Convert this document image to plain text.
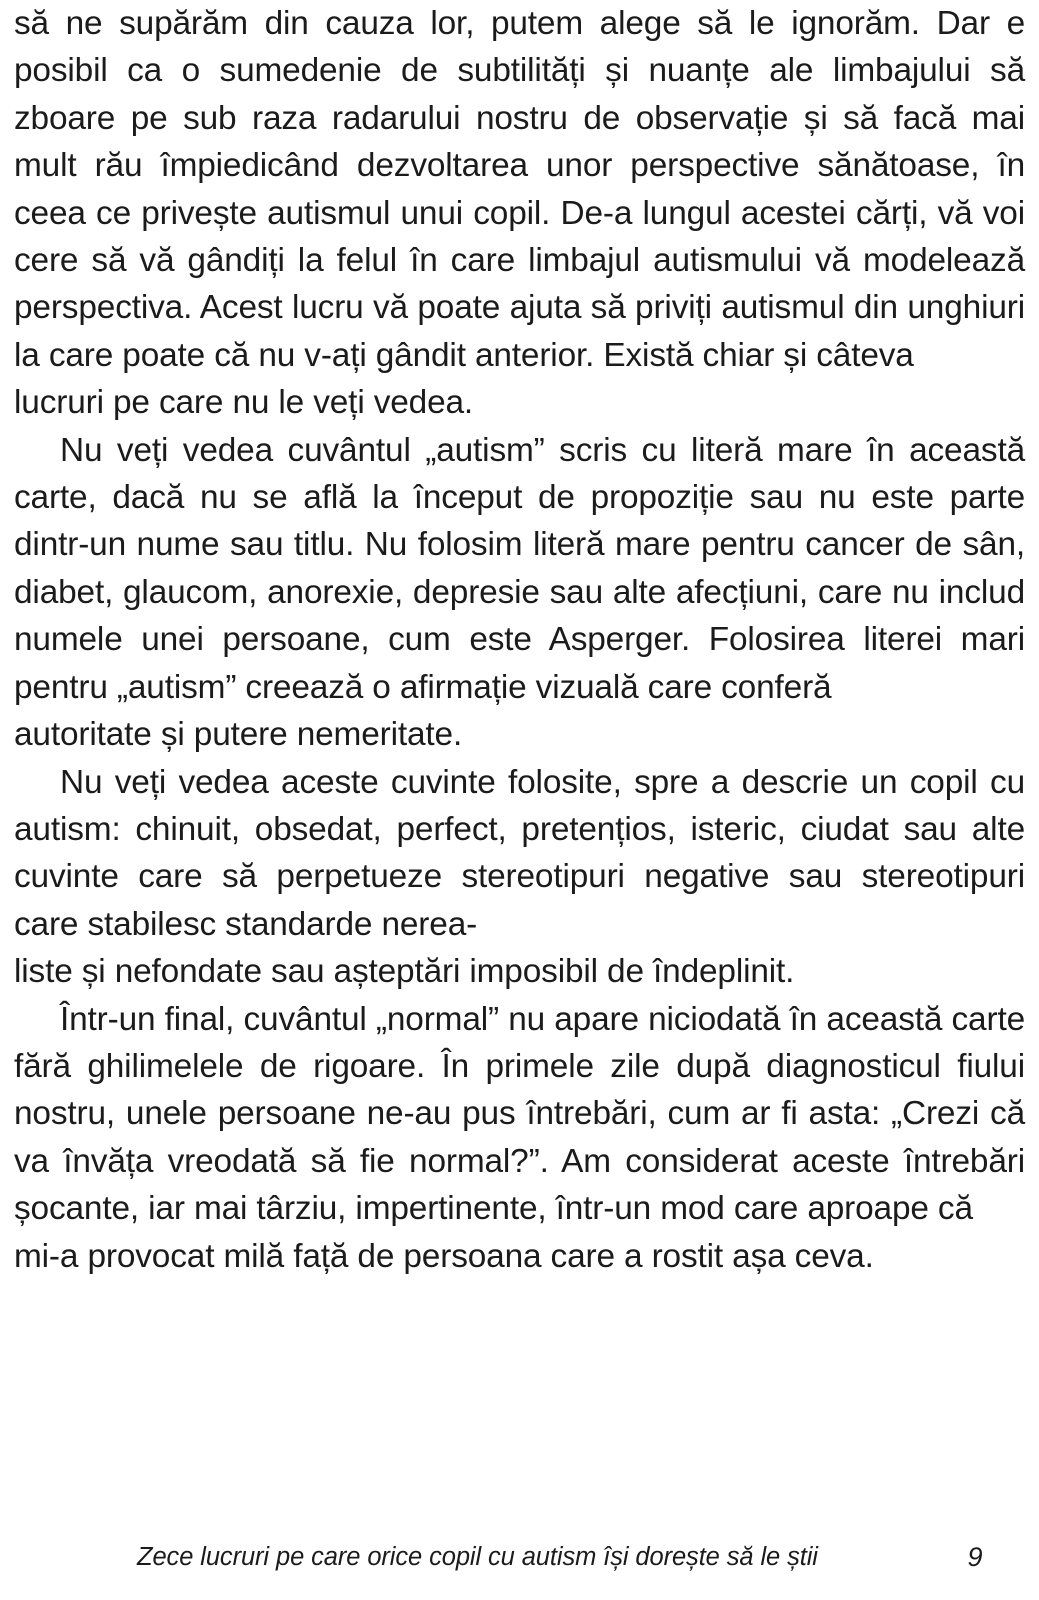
să ne supărăm din cauza lor, putem alege să le ignorăm. Dar e posibil ca o sumedenie de subtilități și nuanțe ale limbajului să zboare pe sub raza radarului nostru de observație și să facă mai mult rău împiedicând dezvoltarea unor perspective sănătoase, în ceea ce privește autismul unui copil. De-a lungul acestei cărți, vă voi cere să vă gândiți la felul în care limbajul autismului vă modelează perspectiva. Acest lucru vă poate ajuta să priviți autismul din unghiuri la care poate că nu v-ați gândit anterior. Există chiar și câteva
lucruri pe care nu le veți vedea.

Nu veți vedea cuvântul „autism” scris cu literă mare în această carte, dacă nu se află la început de propoziție sau nu este parte dintr-un nume sau titlu. Nu folosim literă mare pentru cancer de sân, diabet, glaucom, anorexie, depresie sau alte afecțiuni, care nu includ numele unei persoane, cum este Asperger. Folosirea literei mari pentru „autism” creează o afirmație vizuală care conferă
autoritate și putere nemeritate.

Nu veți vedea aceste cuvinte folosite, spre a descrie un copil cu autism: chinuit, obsedat, perfect, pretențios, isteric, ciudat sau alte cuvinte care să perpetueze stereotipuri negative sau stereotipuri care stabilesc standarde nerea-
liste și nefondate sau așteptări imposibil de îndeplinit.

Într-un final, cuvântul „normal” nu apare niciodată în această carte fără ghilimelele de rigoare. În primele zile după diagnosticul fiului nostru, unele persoane ne-au pus întrebări, cum ar fi asta: „Crezi că va învăța vreodată să fie normal?”. Am considerat aceste întrebări șocante, iar mai târziu, impertinente, într-un mod care aproape că
mi-a provocat milă față de persoana care a rostit așa ceva.

Zece lucruri pe care orice copil cu autism își dorește să le știi	9
